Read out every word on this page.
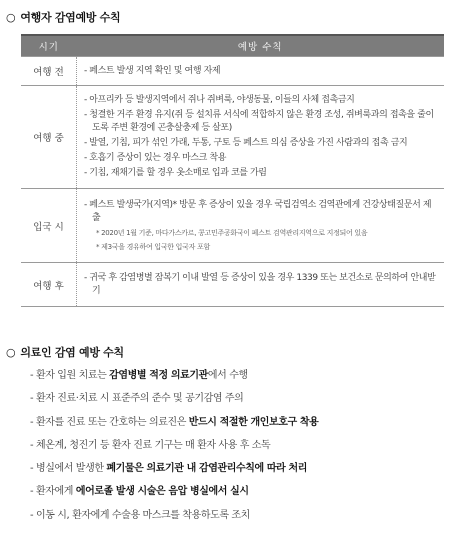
○ 여행자 감염예방 수칙
시기	예방 수칙
여행 전	- 페스트 발생 지역 확인 및 여행 자제

여행 중	- 아프리카 등 발생지역에서 쥐나 쥐벼룩, 야생동물, 이들의 사체 접촉금지
- 청결한 거주 환경 유지(쥐 등 설치류 서식에 적합하지 않은 환경 조성, 쥐벼룩과의 접촉을 줄이도록 주변 환경에 곤충살충제 등 살포)
- 발열, 기침, 피가 섞인 가래, 두통, 구토 등 페스트 의심 증상을 가진 사람과의 접촉 금지
- 호흡기 증상이 있는 경우 마스크 착용
- 기침, 재채기를 할 경우 옷소매로 입과 코를 가림

입국 시	- 페스트 발생국가(지역)* 방문 후 증상이 있을 경우 국립검역소 검역관에게 건강상태질문서 제출
* 2020년 1월 기준, 마다가스카르, 콩고민주공화국이 페스트 검역관리지역으로 지정되어 있음
* 제3국을 경유하여 입국한 입국자 포함

여행 후	- 귀국 후 감염병별 잠복기 이내 발열 등 증상이 있을 경우 1339 또는 보건소로 문의하여 안내받기
○ 의료인 감염 예방 수칙
- 환자 입원 치료는 감염병별 적정 의료기관에서 수행
- 환자 진료·치료 시 표준주의 준수 및 공기감염 주의
- 환자를 진료 또는 간호하는 의료진은 반드시 적절한 개인보호구 착용
- 체온계, 청진기 등 환자 진료 기구는 매 환자 사용 후 소독
- 병실에서 발생한 폐기물은 의료기관 내 감염관리수칙에 따라 처리
- 환자에게 에어로졸 발생 시술은 음압 병실에서 실시
- 이동 시, 환자에게 수술용 마스크를 착용하도록 조치
